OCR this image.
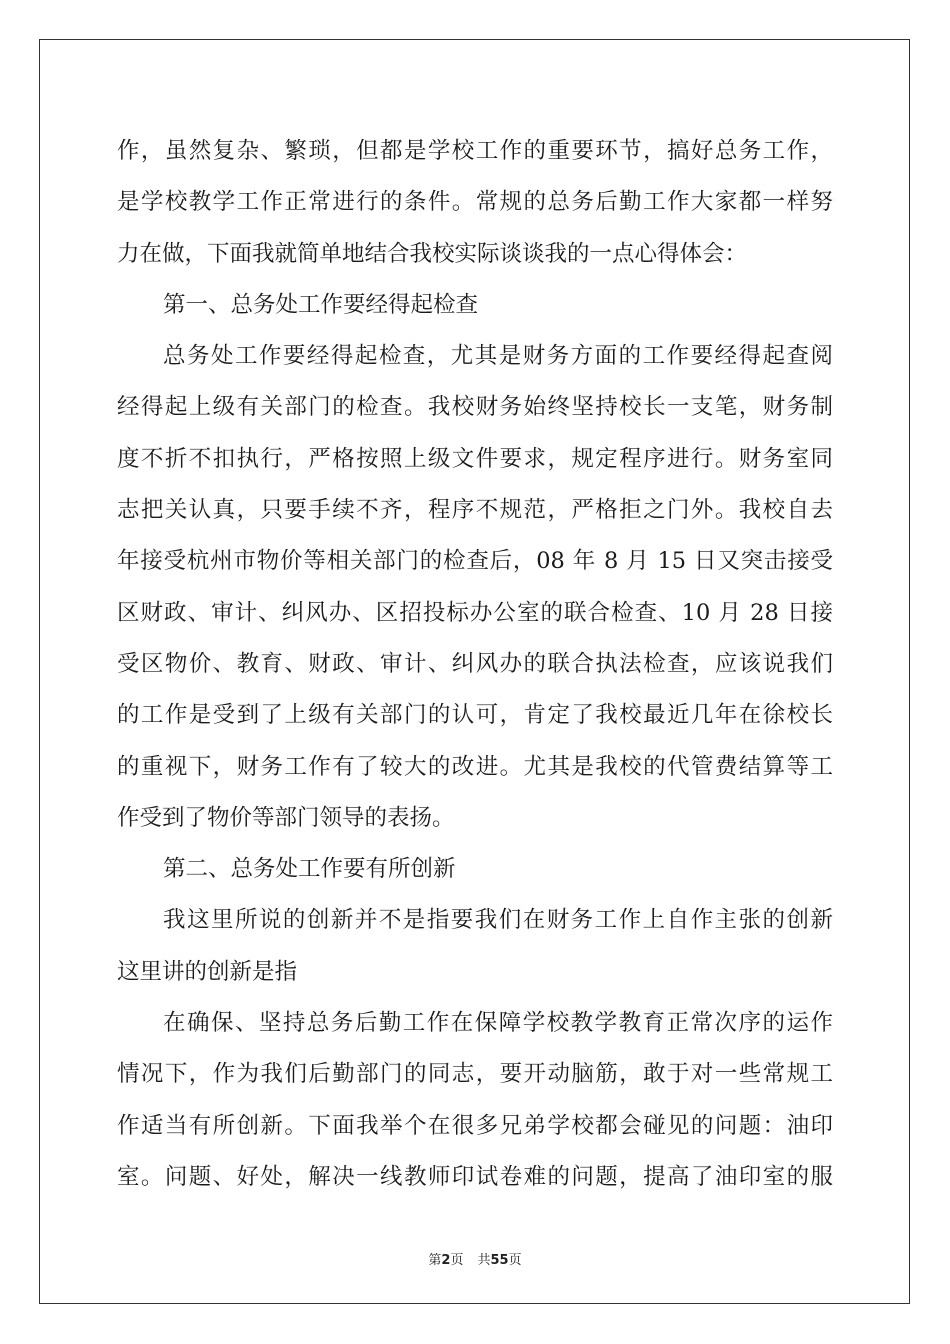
作，虽然复杂、繁琐，但都是学校工作的重要环节，搞好总务工作，
是学校教学工作正常进行的条件。常规的总务后勤工作大家都一样努
力在做，下面我就简单地结合我校实际谈谈我的一点心得体会：
第一、总务处工作要经得起检查
总务处工作要经得起检查，尤其是财务方面的工作要经得起查阅
经得起上级有关部门的检查。我校财务始终坚持校长一支笔，财务制
度不折不扣执行，严格按照上级文件要求，规定程序进行。财务室同
志把关认真，只要手续不齐，程序不规范，严格拒之门外。我校自去
年接受杭州市物价等相关部门的检查后，08 年 8 月 15 日又突击接受
区财政、审计、纠风办、区招投标办公室的联合检查、10 月 28 日接
受区物价、教育、财政、审计、纠风办的联合执法检查，应该说我们
的工作是受到了上级有关部门的认可，肯定了我校最近几年在徐校长
的重视下，财务工作有了较大的改进。尤其是我校的代管费结算等工
作受到了物价等部门领导的表扬。
第二、总务处工作要有所创新
我这里所说的创新并不是指要我们在财务工作上自作主张的创新
这里讲的创新是指
在确保、坚持总务后勤工作在保障学校教学教育正常次序的运作
情况下，作为我们后勤部门的同志，要开动脑筋，敢于对一些常规工
作适当有所创新。下面我举个在很多兄弟学校都会碰见的问题：油印
室。问题、好处，解决一线教师印试卷难的问题，提高了油印室的服
第2页 共55页
